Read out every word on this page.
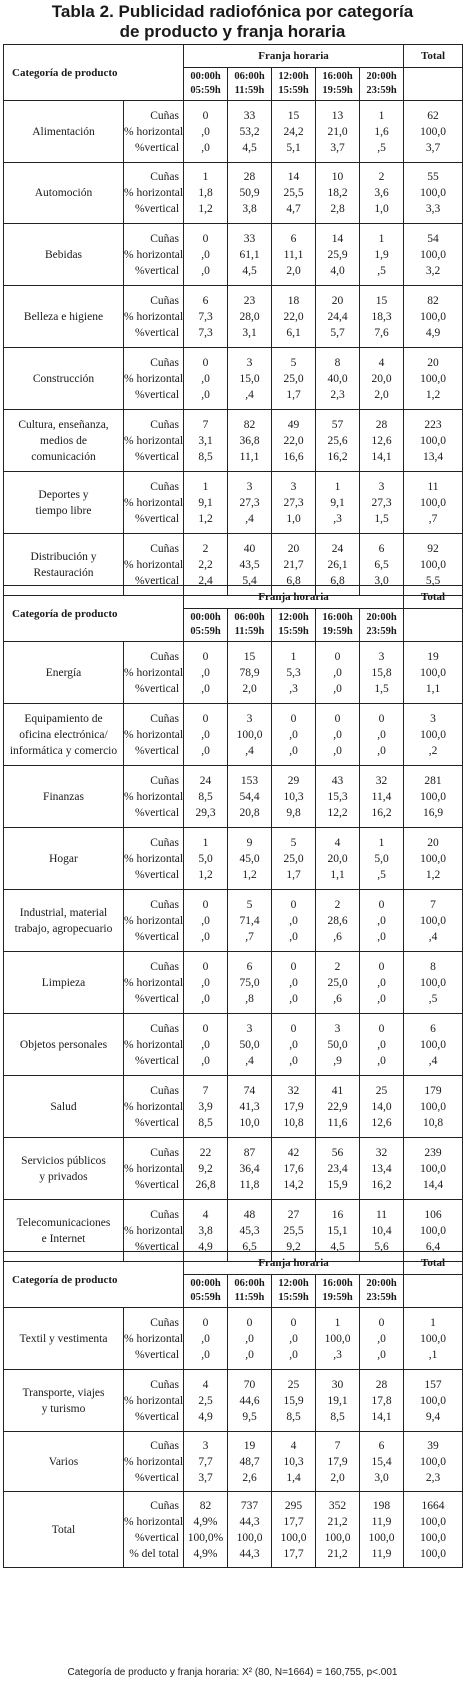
Tabla 2. Publicidad radiofónica por categoría
de producto y franja horaria
Categoría de producto		Franja horaria					Total

		00:00h
05:59h	06:00h
11:59h	12:00h
15:59h	16:00h
19:59h	20:00h
23:59h	

Alimentación	Cuñas
% horizontal
%vertical	0
,0
,0	33
53,2
4,5	15
24,2
5,1	13
21,0
3,7	1
1,6
,5	62
100,0
3,7

Automoción	Cuñas
% horizontal
%vertical	1
1,8
1,2	28
50,9
3,8	14
25,5
4,7	10
18,2
2,8	2
3,6
1,0	55
100,0
3,3

Bebidas	Cuñas
% horizontal
%vertical	0
,0
,0	33
61,1
4,5	6
11,1
2,0	14
25,9
4,0	1
1,9
,5	54
100,0
3,2

Belleza e higiene	Cuñas
% horizontal
%vertical	6
7,3
7,3	23
28,0
3,1	18
22,0
6,1	20
24,4
5,7	15
18,3
7,6	82
100,0
4,9

Construcción	Cuñas
% horizontal
%vertical	0
,0
,0	3
15,0
,4	5
25,0
1,7	8
40,0
2,3	4
20,0
2,0	20
100,0
1,2

Cultura, enseñanza,
medios de
comunicación	Cuñas
% horizontal
%vertical	7
3,1
8,5	82
36,8
11,1	49
22,0
16,6	57
25,6
16,2	28
12,6
14,1	223
100,0
13,4

Deportes y
tiempo libre	Cuñas
% horizontal
%vertical	1
9,1
1,2	3
27,3
,4	3
27,3
1,0	1
9,1
,3	3
27,3
1,5	11
100,0
,7

Distribución y
Restauración	Cuñas
% horizontal
%vertical	2
2,2
2,4	40
43,5
5,4	20
21,7
6,8	24
26,1
6,8	6
6,5
3,0	92
100,0
5,5
Categoría de producto		Franja horaria					Total

		00:00h
05:59h	06:00h
11:59h	12:00h
15:59h	16:00h
19:59h	20:00h
23:59h	

Energía	Cuñas
% horizontal
%vertical	0
,0
,0	15
78,9
2,0	1
5,3
,3	0
,0
,0	3
15,8
1,5	19
100,0
1,1

Equipamiento de
oficina electrónica/
informática y comercio	Cuñas
% horizontal
%vertical	0
,0
,0	3
100,0
,4	0
,0
,0	0
,0
,0	0
,0
,0	3
100,0
,2

Finanzas	Cuñas
% horizontal
%vertical	24
8,5
29,3	153
54,4
20,8	29
10,3
9,8	43
15,3
12,2	32
11,4
16,2	281
100,0
16,9

Hogar	Cuñas
% horizontal
%vertical	1
5,0
1,2	9
45,0
1,2	5
25,0
1,7	4
20,0
1,1	1
5,0
,5	20
100,0
1,2

Industrial, material
trabajo, agropecuario	Cuñas
% horizontal
%vertical	0
,0
,0	5
71,4
,7	0
,0
,0	2
28,6
,6	0
,0
,0	7
100,0
,4

Limpieza	Cuñas
% horizontal
%vertical	0
,0
,0	6
75,0
,8	0
,0
,0	2
25,0
,6	0
,0
,0	8
100,0
,5

Objetos personales	Cuñas
% horizontal
%vertical	0
,0
,0	3
50,0
,4	0
,0
,0	3
50,0
,9	0
,0
,0	6
100,0
,4

Salud	Cuñas
% horizontal
%vertical	7
3,9
8,5	74
41,3
10,0	32
17,9
10,8	41
22,9
11,6	25
14,0
12,6	179
100,0
10,8

Servicios públicos
y privados	Cuñas
% horizontal
%vertical	22
9,2
26,8	87
36,4
11,8	42
17,6
14,2	56
23,4
15,9	32
13,4
16,2	239
100,0
14,4

Telecomunicaciones
e Internet	Cuñas
% horizontal
%vertical	4
3,8
4,9	48
45,3
6,5	27
25,5
9,2	16
15,1
4,5	11
10,4
5,6	106
100,0
6,4
Categoría de producto		Franja horaria					Total

		00:00h
05:59h	06:00h
11:59h	12:00h
15:59h	16:00h
19:59h	20:00h
23:59h	

Textil y vestimenta	Cuñas
% horizontal
%vertical	0
,0
,0	0
,0
,0	0
,0
,0	1
100,0
,3	0
,0
,0	1
100,0
,1

Transporte, viajes
y turismo	Cuñas
% horizontal
%vertical	4
2,5
4,9	70
44,6
9,5	25
15,9
8,5	30
19,1
8,5	28
17,8
14,1	157
100,0
9,4

Varios	Cuñas
% horizontal
%vertical	3
7,7
3,7	19
48,7
2,6	4
10,3
1,4	7
17,9
2,0	6
15,4
3,0	39
100,0
2,3

Total	Cuñas
% horizontal
%vertical
% del total	82
4,9%
100,0%
4,9%	737
44,3
100,0
44,3	295
17,7
100,0
17,7	352
21,2
100,0
21,2	198
11,9
100,0
11,9	1664
100,0
100,0
100,0
Categoría de producto y franja horaria: X² (80, N=1664) = 160,755, p<.001
